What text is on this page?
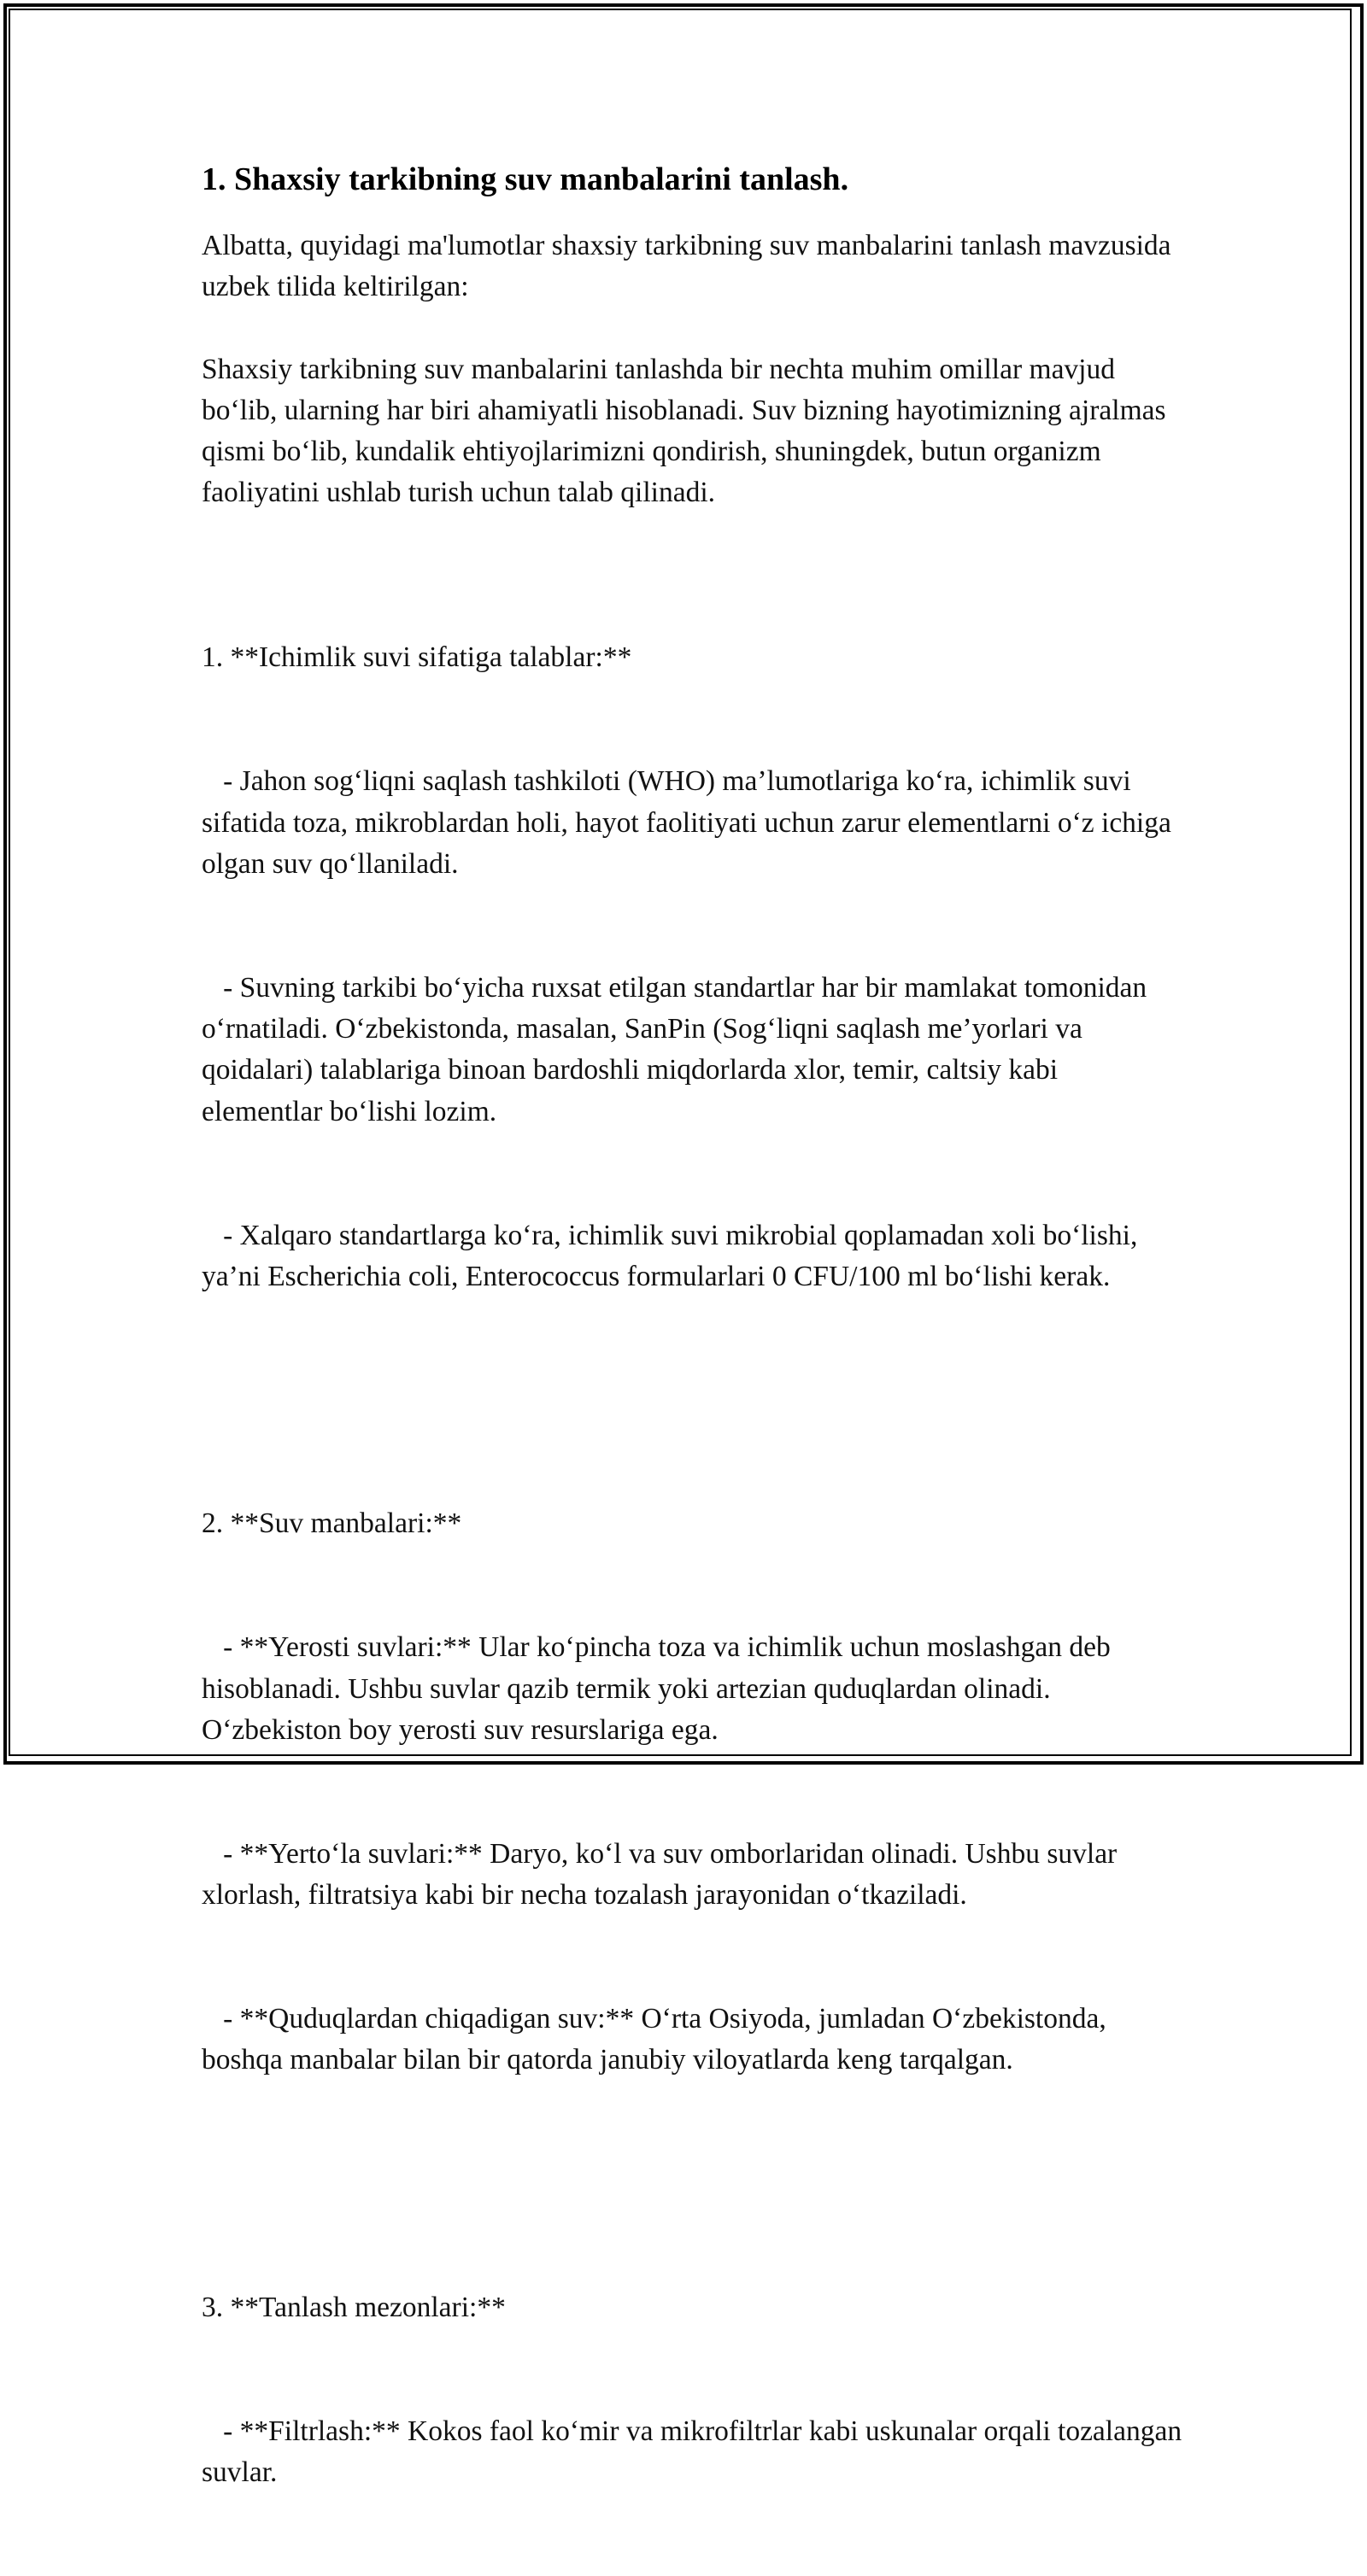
1. Shaxsiy tarkibning suv manbalarini tanlash.

Albatta, quyidagi ma'lumotlar shaxsiy tarkibning suv manbalarini tanlash mavzusida uzbek tilida keltirilgan:

Shaxsiy tarkibning suv manbalarini tanlashda bir nechta muhim omillar mavjud bo‘lib, ularning har biri ahamiyatli hisoblanadi. Suv bizning hayotimizning ajralmas qismi bo‘lib, kundalik ehtiyojlarimizni qondirish, shuningdek, butun organizm faoliyatini ushlab turish uchun talab qilinadi.

1. **Ichimlik suvi sifatiga talablar:**

- Jahon sog‘liqni saqlash tashkiloti (WHO) ma’lumotlariga ko‘ra, ichimlik suvi sifatida toza, mikroblardan holi, hayot faolitiyati uchun zarur elementlarni o‘z ichiga olgan suv qo‘llaniladi.

- Suvning tarkibi bo‘yicha ruxsat etilgan standartlar har bir mamlakat tomonidan o‘rnatiladi. O‘zbekistonda, masalan, SanPin (Sog‘liqni saqlash me’yorlari va qoidalari) talablariga binoan bardoshli miqdorlarda xlor, temir, caltsiy kabi elementlar bo‘lishi lozim.

- Xalqaro standartlarga ko‘ra, ichimlik suvi mikrobial qoplamadan xoli bo‘lishi, ya’ni Escherichia coli, Enterococcus formularlari 0 CFU/100 ml bo‘lishi kerak.

2. **Suv manbalari:**

- **Yerosti suvlari:** Ular ko‘pincha toza va ichimlik uchun moslashgan deb hisoblanadi. Ushbu suvlar qazib termik yoki artezian quduqlardan olinadi. O‘zbekiston boy yerosti suv resurslariga ega.

- **Yerto‘la suvlari:** Daryo, ko‘l va suv omborlaridan olinadi. Ushbu suvlar xlorlash, filtratsiya kabi bir necha tozalash jarayonidan o‘tkaziladi.

- **Quduqlardan chiqadigan suv:** O‘rta Osiyoda, jumladan O‘zbekistonda, boshqa manbalar bilan bir qatorda janubiy viloyatlarda keng tarqalgan.

3. **Tanlash mezonlari:**

- **Filtrlash:** Kokos faol ko‘mir va mikrofiltrlar kabi uskunalar orqali tozalangan suvlar.
